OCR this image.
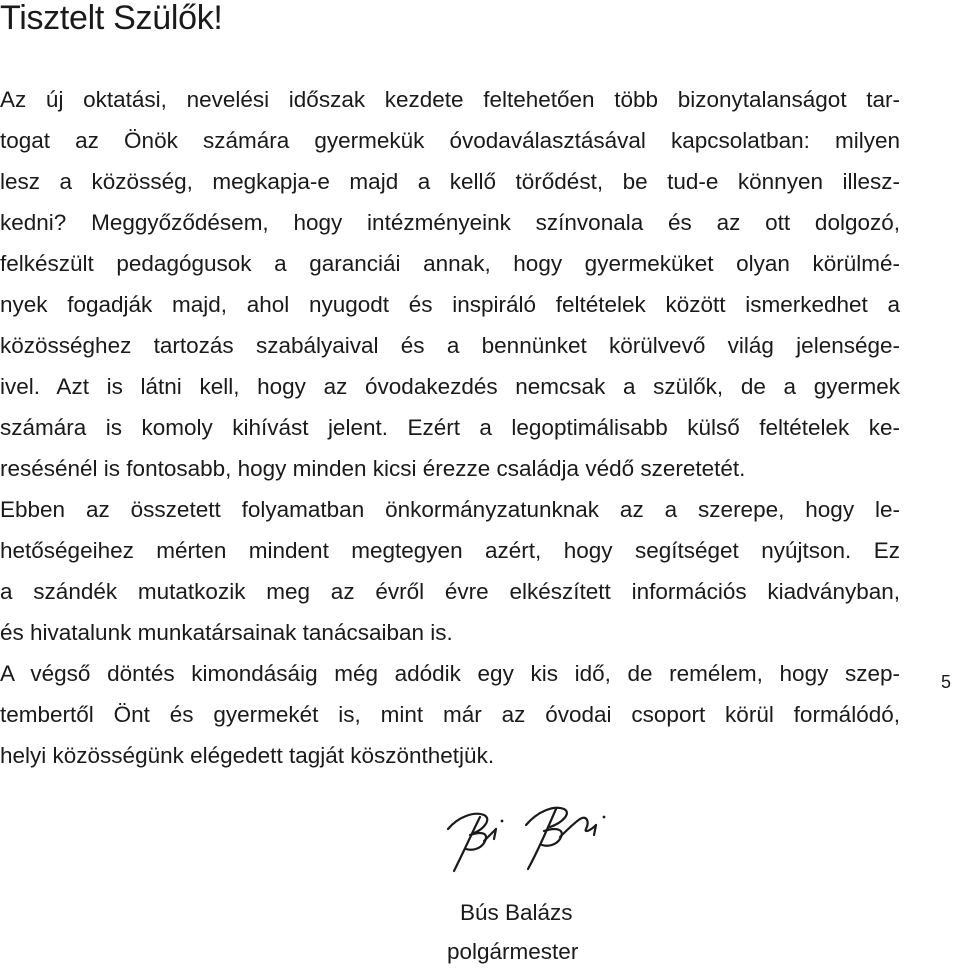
Tisztelt Szülők!
Az új oktatási, nevelési időszak kezdete feltehetően több bizonytalanságot tar-
togat az Önök számára gyermekük óvodaválasztásával kapcsolatban: milyen
lesz a közösség, megkapja-e majd a kellő törődést, be tud-e könnyen illesz-
kedni? Meggyőződésem, hogy intézményeink színvonala és az ott dolgozó,
felkészült pedagógusok a garanciái annak, hogy gyermeküket olyan körülmé-
nyek fogadják majd, ahol nyugodt és inspiráló feltételek között ismerkedhet a
közösséghez tartozás szabályaival és a bennünket körülvevő világ jelensége-
ivel. Azt is látni kell, hogy az óvodakezdés nemcsak a szülők, de a gyermek
számára is komoly kihívást jelent. Ezért a legoptimálisabb külső feltételek ke-
resésénél is fontosabb, hogy minden kicsi érezze családja védő szeretetét.
Ebben az összetett folyamatban önkormányzatunknak az a szerepe, hogy le-
hetőségeihez mérten mindent megtegyen azért, hogy segítséget nyújtson. Ez
a szándék mutatkozik meg az évről évre elkészített információs kiadványban,
és hivatalunk munkatársainak tanácsaiban is.
A végső döntés kimondásáig még adódik egy kis idő, de remélem, hogy szep-
tembertől Önt és gyermekét is, mint már az óvodai csoport körül formálódó,
helyi közösségünk elégedett tagját köszönthetjük.
5
Bús Balázs
polgármester
